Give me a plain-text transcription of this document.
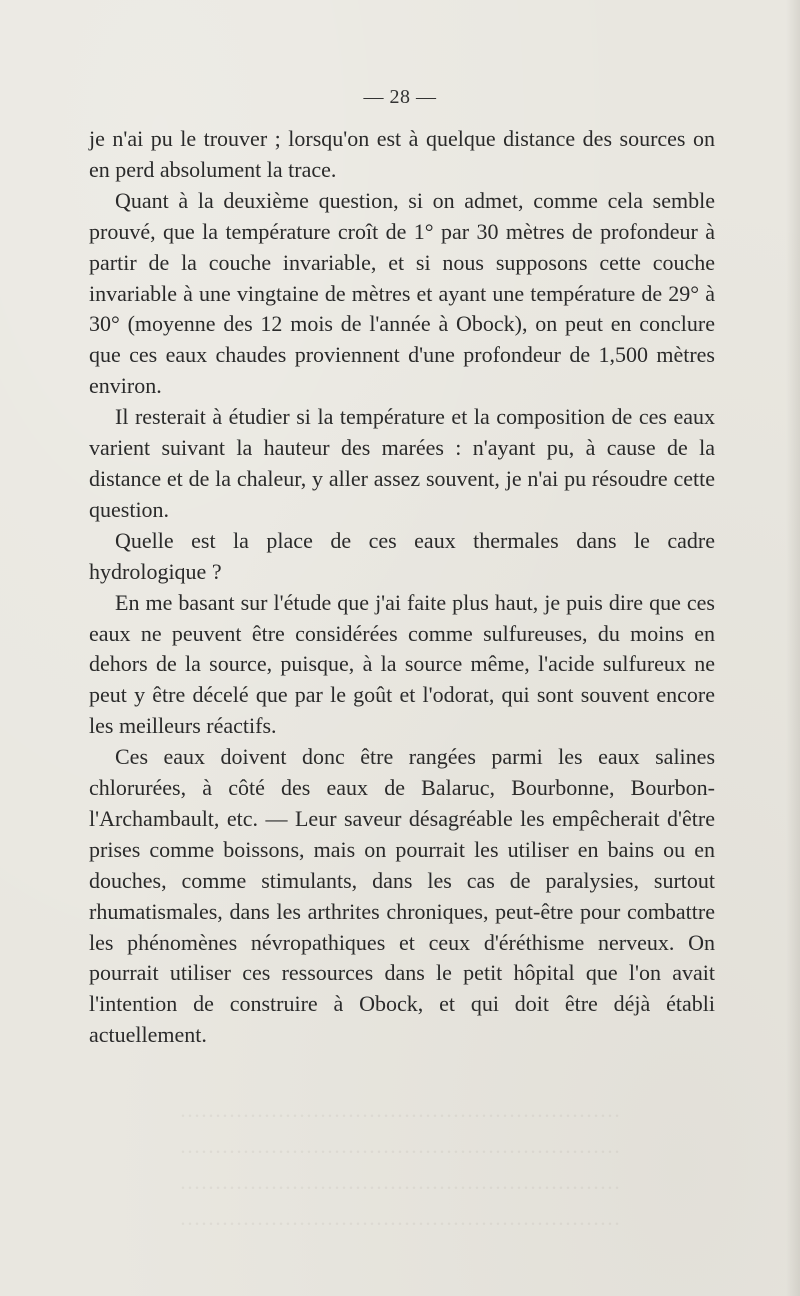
………………………………………………………
………………………………………………………
………………………………………………………
………………………………………………………
— 28 —

je n'ai pu le trouver ; lorsqu'on est à quelque distance des sources on en perd absolument la trace.

Quant à la deuxième question, si on admet, comme cela semble prouvé, que la température croît de 1° par 30 mètres de profondeur à partir de la couche invariable, et si nous supposons cette couche invariable à une vingtaine de mètres et ayant une température de 29° à 30° (moyenne des 12 mois de l'année à Obock), on peut en conclure que ces eaux chaudes proviennent d'une profondeur de 1,500 mètres environ.

Il resterait à étudier si la température et la composition de ces eaux varient suivant la hauteur des marées : n'ayant pu, à cause de la distance et de la chaleur, y aller assez souvent, je n'ai pu résoudre cette question.

Quelle est la place de ces eaux thermales dans le cadre hydrologique ?

En me basant sur l'étude que j'ai faite plus haut, je puis dire que ces eaux ne peuvent être considérées comme sulfureuses, du moins en dehors de la source, puisque, à la source même, l'acide sulfureux ne peut y être décelé que par le goût et l'odorat, qui sont souvent encore les meilleurs réactifs.

Ces eaux doivent donc être rangées parmi les eaux salines chlorurées, à côté des eaux de Balaruc, Bourbonne, Bourbon-l'Archambault, etc. — Leur saveur désagréable les empêcherait d'être prises comme boissons, mais on pourrait les utiliser en bains ou en douches, comme stimulants, dans les cas de paralysies, surtout rhumatismales, dans les arthrites chroniques, peut-être pour combattre les phénomènes névropathiques et ceux d'éréthisme nerveux. On pourrait utiliser ces ressources dans le petit hôpital que l'on avait l'intention de construire à Obock, et qui doit être déjà établi actuellement.
